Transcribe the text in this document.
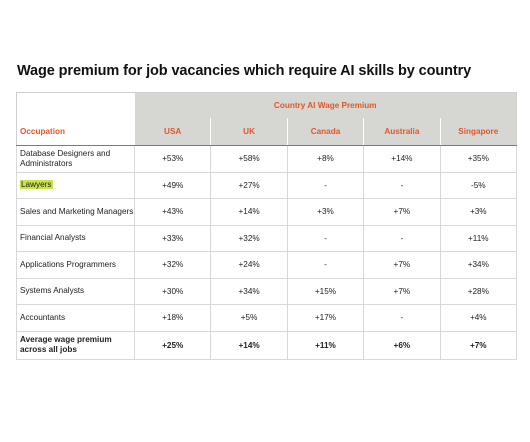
Wage premium for job vacancies which require AI skills by country
	Country AI Wage Premium				
Occupation	USA	UK	Canada	Australia	Singapore
Database Designers and Administrators	+53%	+58%	+8%	+14%	+35%
Lawyers	+49%	+27%	-	-	-5%
Sales and Marketing Managers	+43%	+14%	+3%	+7%	+3%
Financial Analysts	+33%	+32%	-	-	+11%
Applications Programmers	+32%	+24%	-	+7%	+34%
Systems Analysts	+30%	+34%	+15%	+7%	+28%
Accountants	+18%	+5%	+17%	-	+4%
Average wage premium across all jobs	+25%	+14%	+11%	+6%	+7%
